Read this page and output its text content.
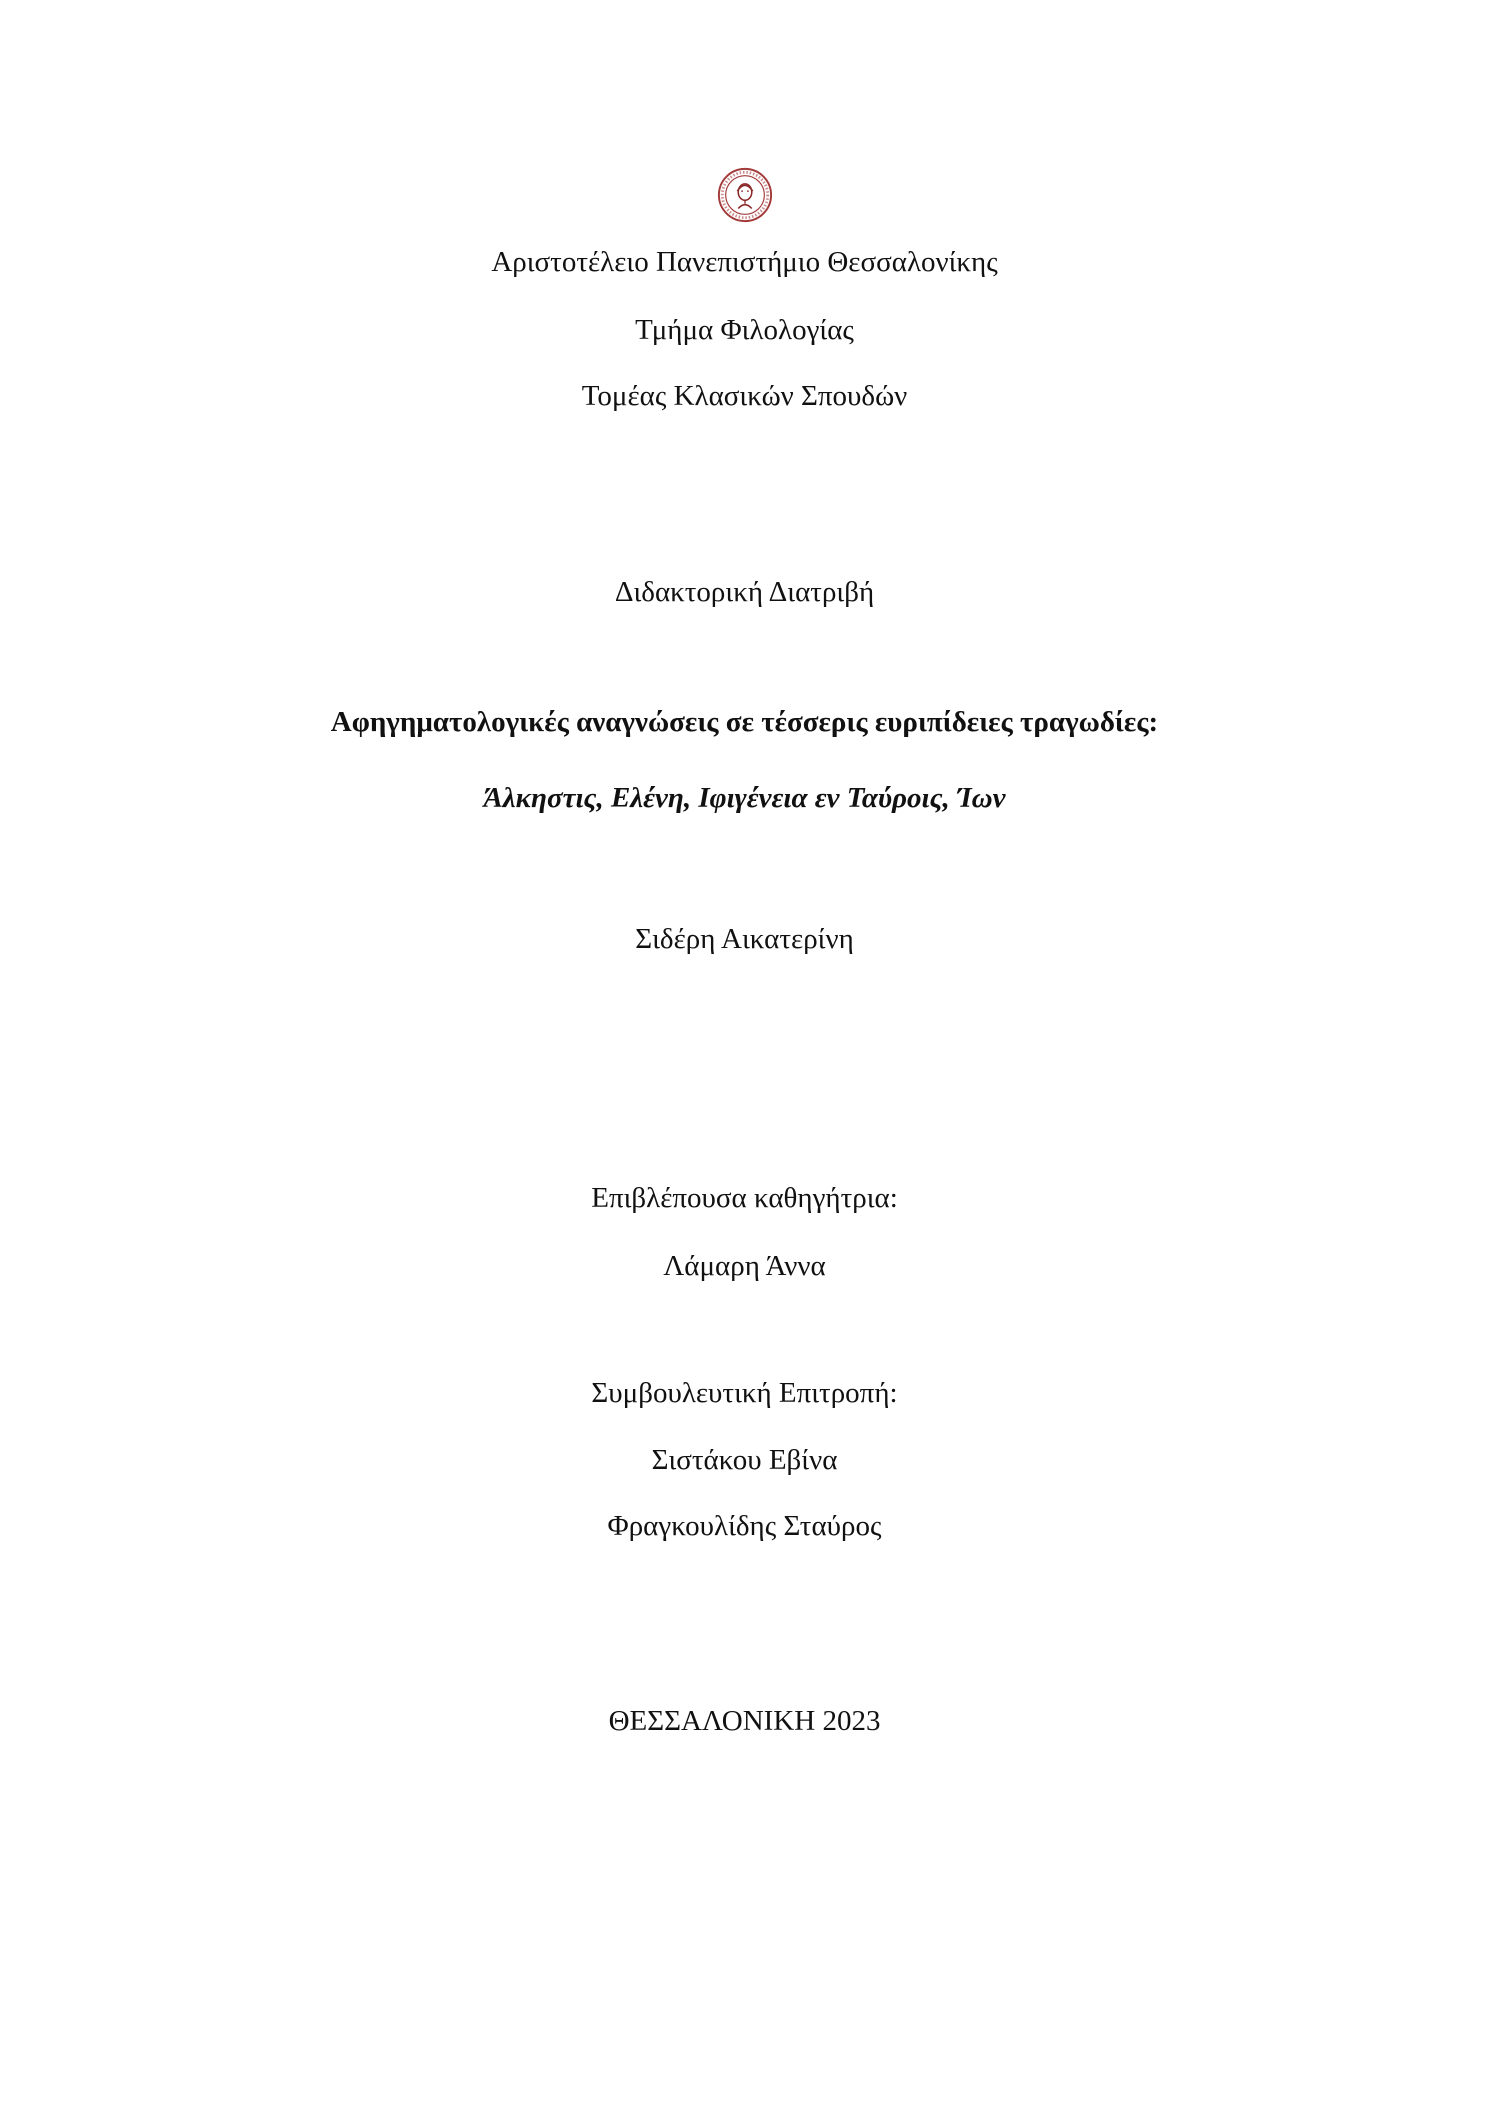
Αριστοτέλειο Πανεπιστήμιο Θεσσαλονίκης
Τμήμα Φιλολογίας
Τομέας Κλασικών Σπουδών
Διδακτορική Διατριβή
Αφηγηματολογικές αναγνώσεις σε τέσσερις ευριπίδειες τραγωδίες:
Άλκηστις, Ελένη, Ιφιγένεια εν Ταύροις, Ίων
Σιδέρη Αικατερίνη
Επιβλέπουσα καθηγήτρια:
Λάμαρη Άννα
Συμβουλευτική Επιτροπή:
Σιστάκου Εβίνα
Φραγκουλίδης Σταύρος
ΘΕΣΣΑΛΟΝΙΚΗ 2023
